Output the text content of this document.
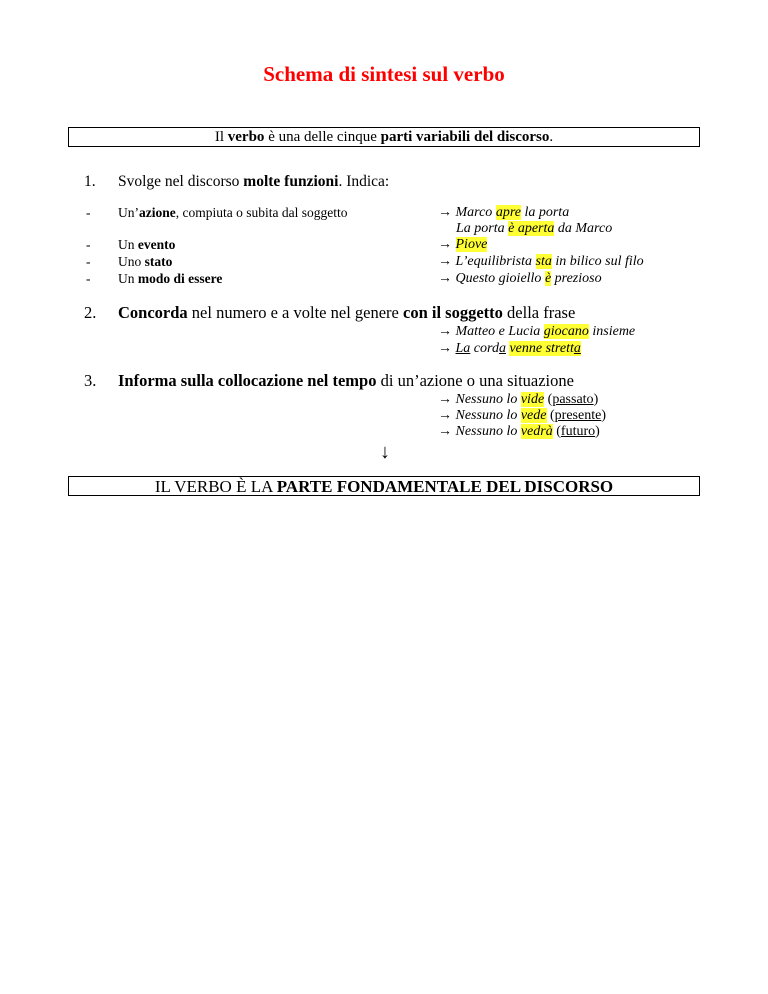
Schema di sintesi sul verbo
Il verbo è una delle cinque parti variabili del discorso.
1. Svolge nel discorso molte funzioni. Indica:
- Un’azione, compiuta o subita dal soggetto
- Un evento
- Uno stato
- Un modo di essere
→ Marco apre la porta
La porta è aperta da Marco
→ Piove
→ L’equilibrista sta in bilico sul filo
→ Questo gioiello è prezioso
2. Concorda nel numero e a volte nel genere con il soggetto della frase
→ Matteo e Lucia giocano insieme
→ La corda venne stretta
3. Informa sulla collocazione nel tempo di un’azione o una situazione
→ Nessuno lo vide (passato)
→ Nessuno lo vede (presente)
→ Nessuno lo vedrà (futuro)
↓
IL VERBO È LA PARTE FONDAMENTALE DEL DISCORSO
